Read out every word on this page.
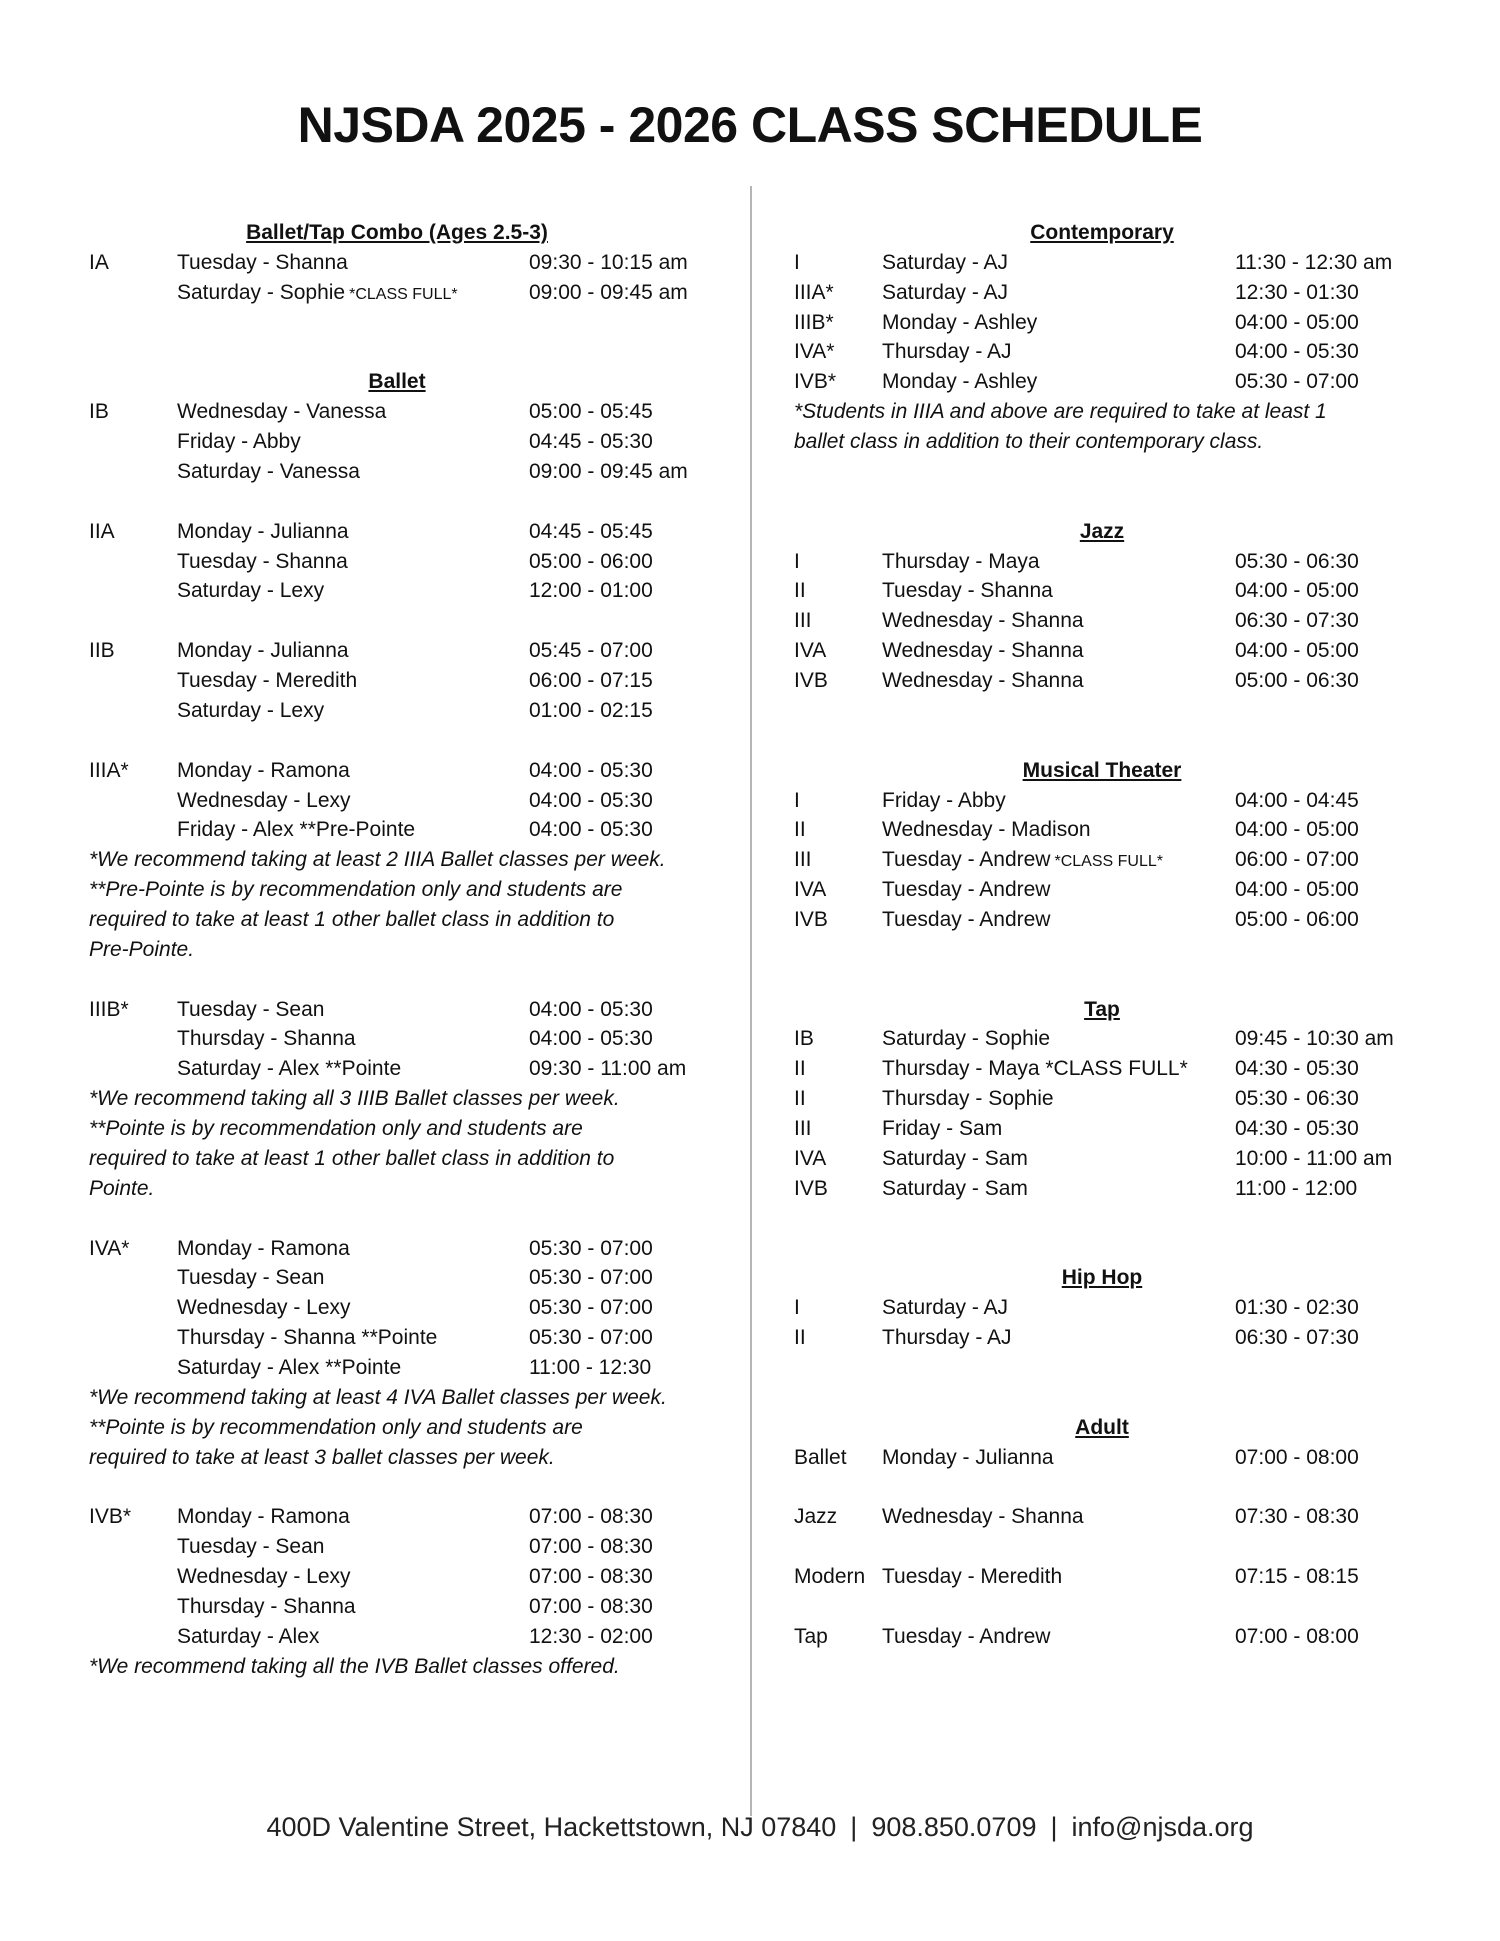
NJSDA 2025 - 2026 CLASS SCHEDULE
Ballet/Tap Combo (Ages 2.5-3)
IA	Tuesday - Shanna	09:30 - 10:15 am
Saturday - Sophie *CLASS FULL*	09:00 - 09:45 am
Ballet
IB	Wednesday - Vanessa	05:00 - 05:45
Friday - Abby	04:45 - 05:30
Saturday - Vanessa	09:00 - 09:45 am
IIA	Monday - Julianna	04:45 - 05:45
Tuesday - Shanna	05:00 - 06:00
Saturday - Lexy	12:00 - 01:00
IIB	Monday - Julianna	05:45 - 07:00
Tuesday - Meredith	06:00 - 07:15
Saturday - Lexy	01:00 - 02:15
IIIA* Monday - Ramona	04:00 - 05:30
Wednesday - Lexy	04:00 - 05:30
Friday - Alex **Pre-Pointe	04:00 - 05:30
*We recommend taking at least 2 IIIA Ballet classes per week.
**Pre-Pointe is by recommendation only and students are
required to take at least 1 other ballet class in addition to
Pre-Pointe.
IIIB* Tuesday - Sean	04:00 - 05:30
Thursday - Shanna	04:00 - 05:30
Saturday - Alex **Pointe	09:30 - 11:00 am
*We recommend taking all 3 IIIB Ballet classes per week.
**Pointe is by recommendation only and students are
required to take at least 1 other ballet class in addition to
Pointe.
IVA* Monday - Ramona	05:30 - 07:00
Tuesday - Sean	05:30 - 07:00
Wednesday - Lexy	05:30 - 07:00
Thursday - Shanna **Pointe	05:30 - 07:00
Saturday - Alex **Pointe	11:00 - 12:30
*We recommend taking at least 4 IVA Ballet classes per week.
**Pointe is by recommendation only and students are
required to take at least 3 ballet classes per week.
IVB* Monday - Ramona	07:00 - 08:30
Tuesday - Sean	07:00 - 08:30
Wednesday - Lexy	07:00 - 08:30
Thursday - Shanna	07:00 - 08:30
Saturday - Alex	12:30 - 02:00
*We recommend taking all the IVB Ballet classes offered.
Contemporary
I	Saturday - AJ	11:30 - 12:30 am
IIIA* Saturday - AJ	12:30 - 01:30
IIIB* Monday - Ashley	04:00 - 05:00
IVA* Thursday - AJ	04:00 - 05:30
IVB* Monday - Ashley	05:30 - 07:00
*Students in IIIA and above are required to take at least 1
ballet class in addition to their contemporary class.
Jazz
I	Thursday - Maya	05:30 - 06:30
II	Tuesday - Shanna	04:00 - 05:00
III	Wednesday - Shanna	06:30 - 07:30
IVA	Wednesday - Shanna	04:00 - 05:00
IVB	Wednesday - Shanna	05:00 - 06:30
Musical Theater
I	Friday - Abby	04:00 - 04:45
II	Wednesday - Madison	04:00 - 05:00
III	Tuesday - Andrew *CLASS FULL*	06:00 - 07:00
IVA	Tuesday - Andrew	04:00 - 05:00
IVB	Tuesday - Andrew	05:00 - 06:00
Tap
IB	Saturday - Sophie	09:45 - 10:30 am
II	Thursday - Maya *CLASS FULL* 04:30 - 05:30
II	Thursday - Sophie	05:30 - 06:30
III	Friday - Sam	04:30 - 05:30
IVA	Saturday - Sam	10:00 - 11:00 am
IVB	Saturday - Sam	11:00 - 12:00
Hip Hop
I	Saturday - AJ	01:30 - 02:30
II	Thursday - AJ	06:30 - 07:30
Adult
Ballet Monday - Julianna	07:00 - 08:00
Jazz Wednesday - Shanna	07:30 - 08:30
Modern Tuesday - Meredith	07:15 - 08:15
Tap	Tuesday - Andrew	07:00 - 08:00
400D Valentine Street, Hackettstown, NJ 07840 | 908.850.0709 | info@njsda.org
